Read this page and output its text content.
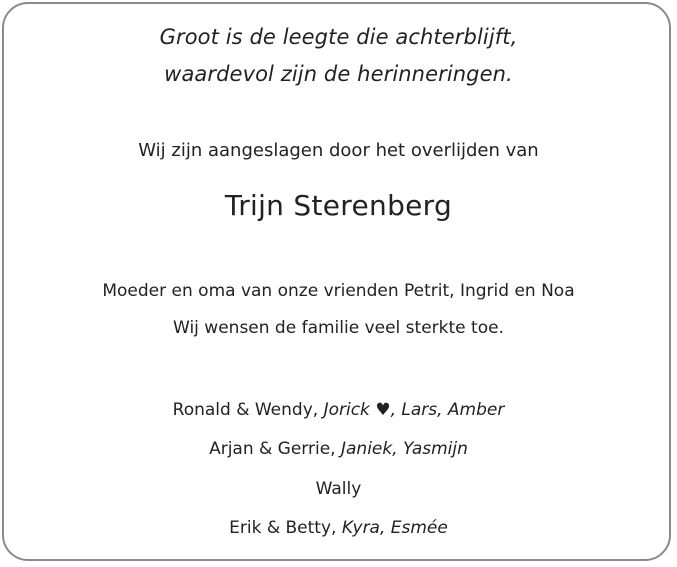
Groot is de leegte die achterblijft,
waardevol zijn de herinneringen.
Wij zijn aangeslagen door het overlijden van
Trijn Sterenberg
Moeder en oma van onze vrienden Petrit, Ingrid en Noa
Wij wensen de familie veel sterkte toe.
Ronald & Wendy, Jorick ♥, Lars, Amber
Arjan & Gerrie, Janiek, Yasmijn
Wally
Erik & Betty, Kyra, Esmée
